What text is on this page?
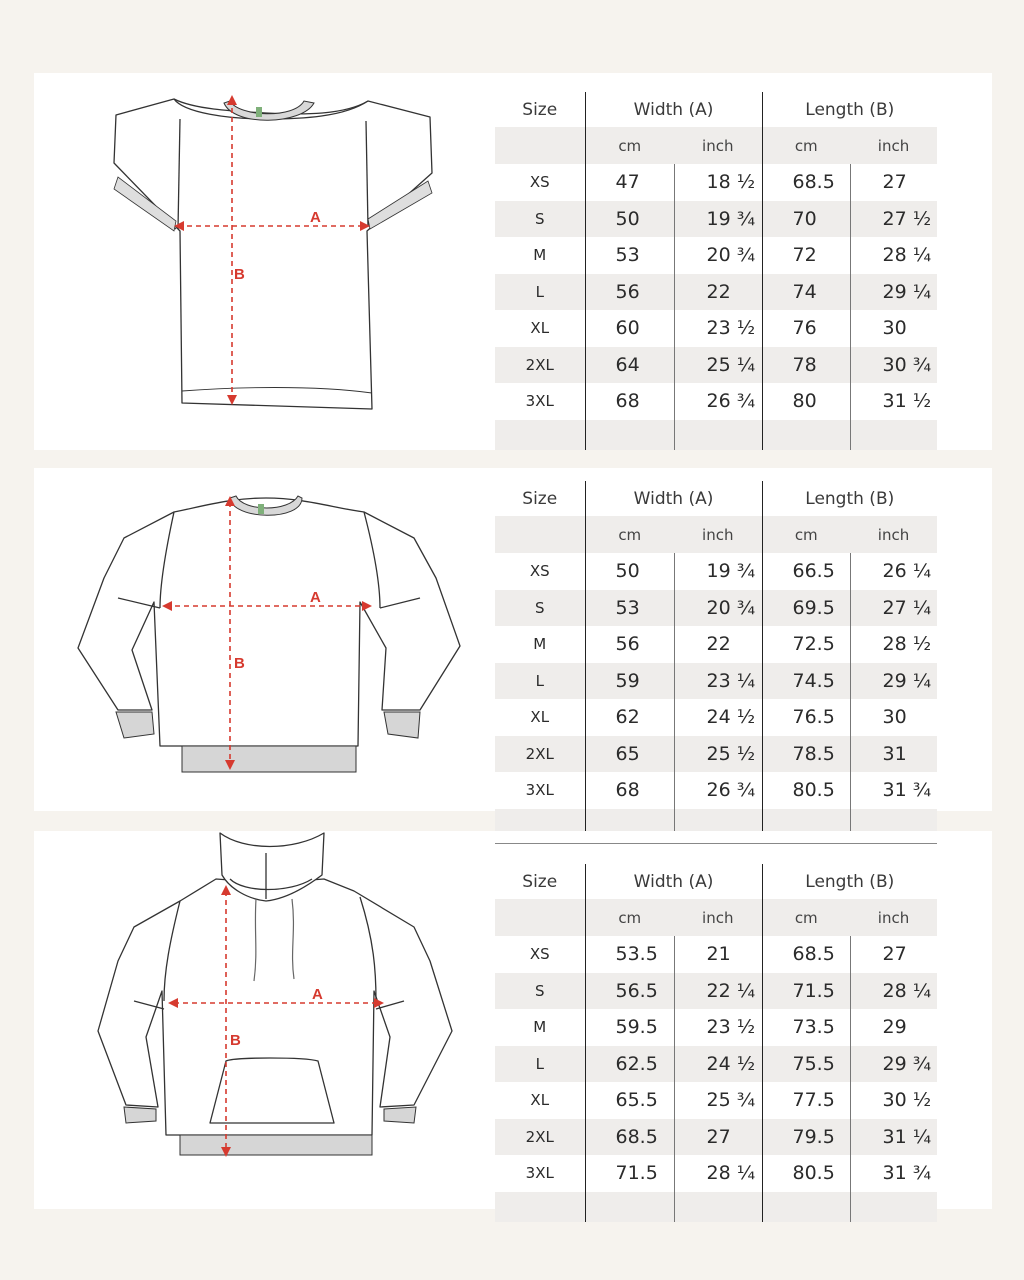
A
B
Size	Width (A)		Length (B)	
	cm	inch	cm	inch
XS	47	18 ½	68.5	27
S	50	19 ¾	70	27 ½
M	53	20 ¾	72	28 ¼
L	56	22	74	29 ¼
XL	60	23 ½	76	30
2XL	64	25 ¼	78	30 ¾
3XL	68	26 ¾	80	31 ½

A
B
Size	Width (A)		Length (B)	
	cm	inch	cm	inch
XS	50	19 ¾	66.5	26 ¼
S	53	20 ¾	69.5	27 ¼
M	56	22	72.5	28 ½
L	59	23 ¼	74.5	29 ¼
XL	62	24 ½	76.5	30
2XL	65	25 ½	78.5	31
3XL	68	26 ¾	80.5	31 ¾

A
B
Size	Width (A)		Length (B)	
	cm	inch	cm	inch
XS	53.5	21	68.5	27
S	56.5	22 ¼	71.5	28 ¼
M	59.5	23 ½	73.5	29
L	62.5	24 ½	75.5	29 ¾
XL	65.5	25 ¾	77.5	30 ½
2XL	68.5	27	79.5	31 ¼
3XL	71.5	28 ¼	80.5	31 ¾
